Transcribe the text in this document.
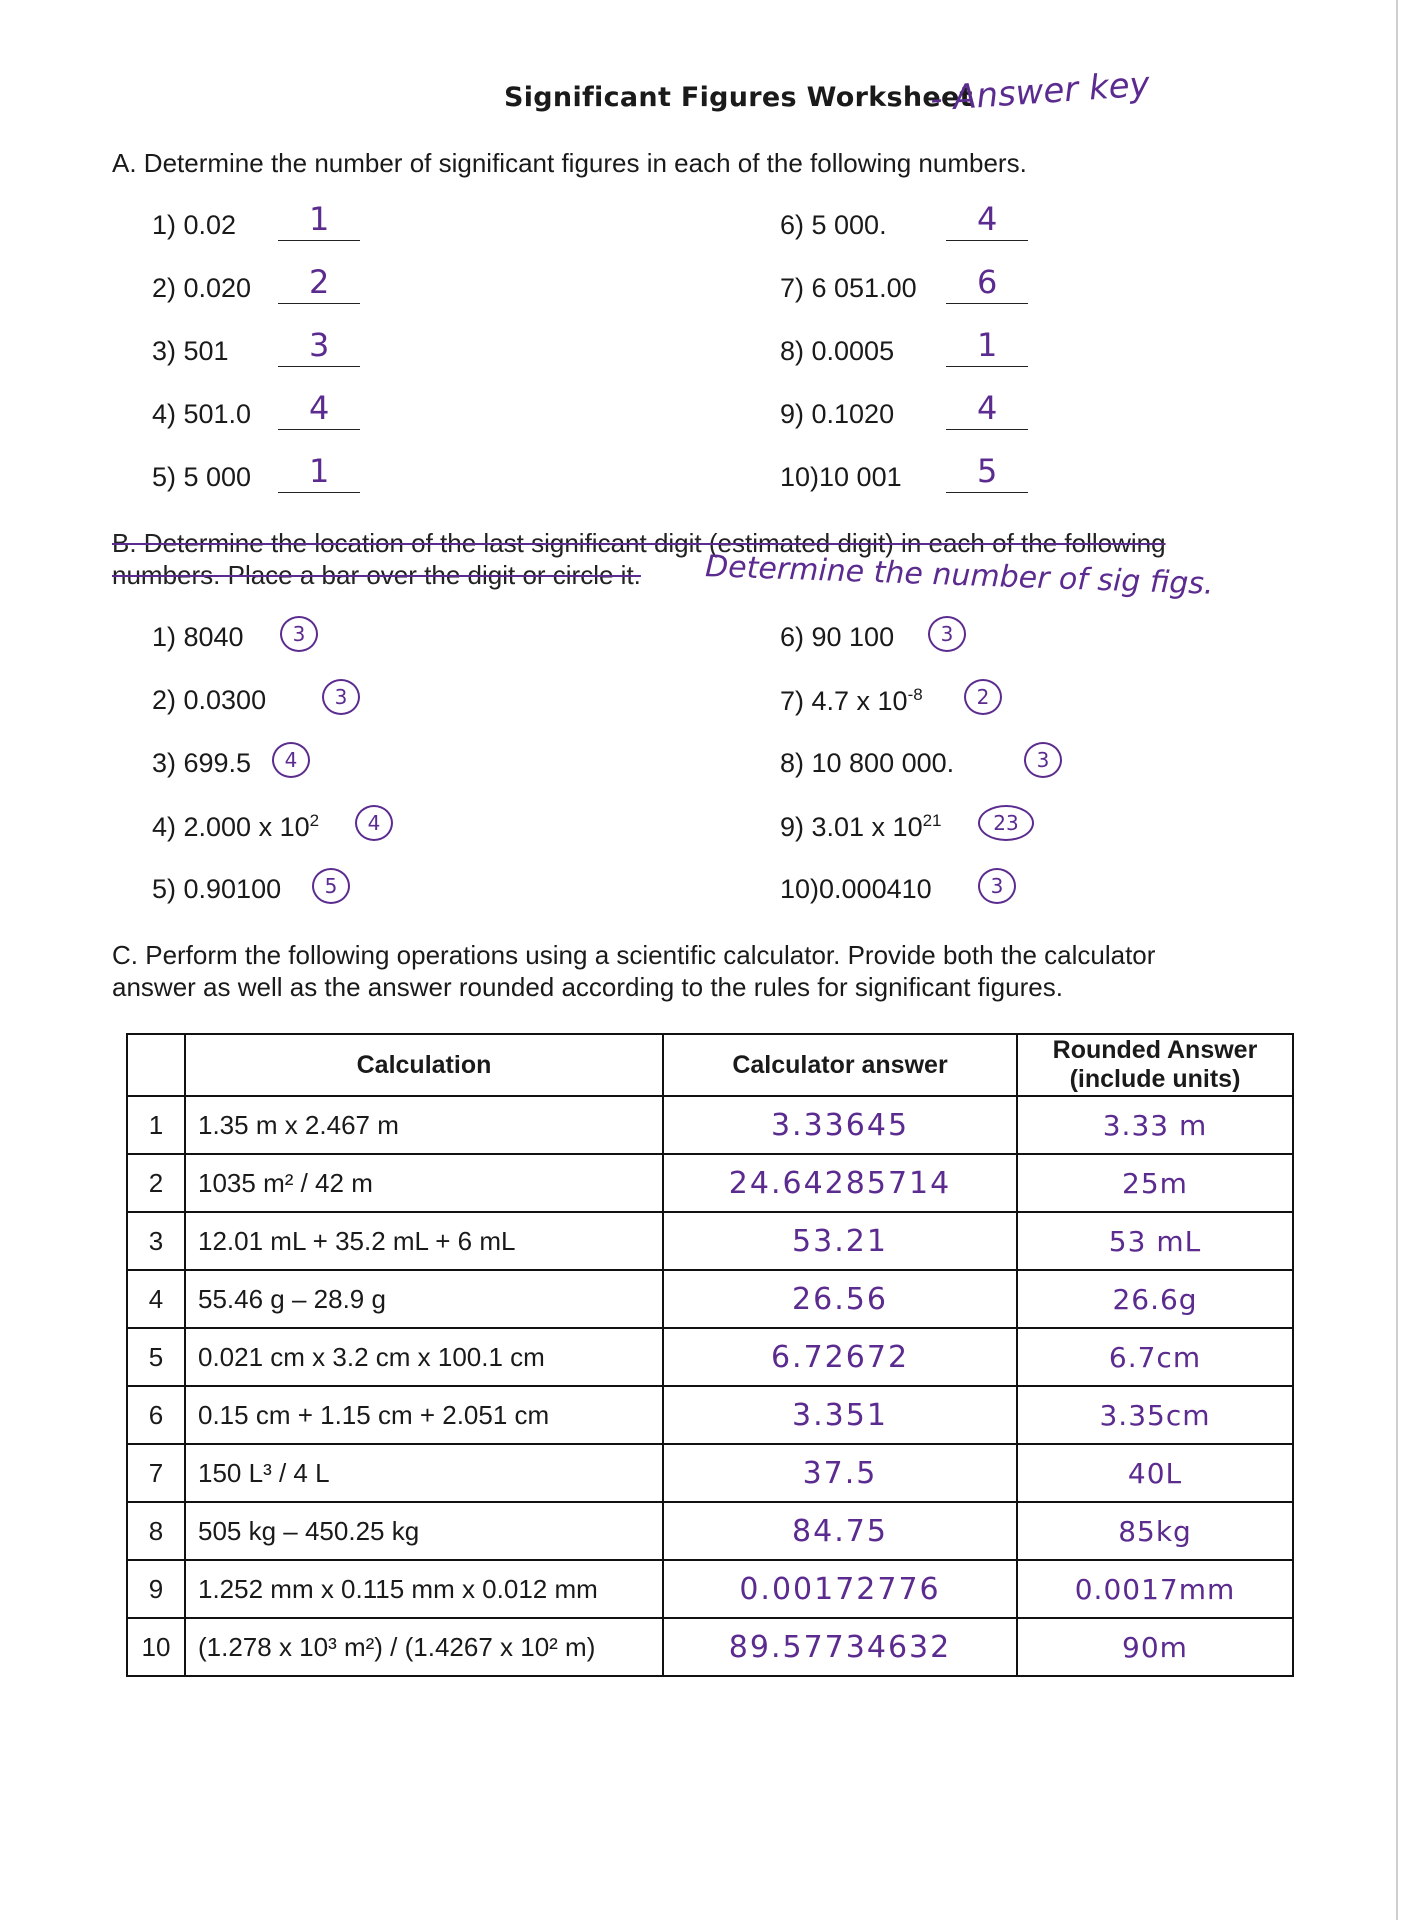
Significant Figures Worksheet
- Answer key
A. Determine the number of significant figures in each of the following numbers.
1) 0.02 1
2) 0.020 2
3) 501	3
4) 501.0 4
5) 5 000 1
6) 5 000.	4
7) 6 051.00 6
8) 0.0005	1
9) 0.1020	4
10)10 001 5
B. Determine the location of the last significant digit (estimated digit) in each of the following
numbers. Place a bar over the digit or circle it. Determine the number of sig figs.
1) 8040	3
2) 0.0300	3
3) 699.5	4
4) 2.000 x $10^2$	4
5) 0.90100	5
6) 90 100	3
7) 4.7 x $10^{-8}$	2
8) 10 800 000.	3
9) 3.01 x $10^{21}$	23
10)0.000410	3
C. Perform the following operations using a scientific calculator. Provide both the calculator
answer as well as the answer rounded according to the rules for significant figures.
	Calculation	Calculator answer	Rounded Answer
(include units)

1	1.35 m x 2.467 m	3.33645	3.33 m
2	1035 m² / 42 m	24.64285714	25m
3	12.01 mL + 35.2 mL + 6 mL	53.21	53 mL
4	55.46 g – 28.9 g	26.56	26.6g
5	0.021 cm x 3.2 cm x 100.1 cm	6.72672	6.7cm
6	0.15 cm + 1.15 cm + 2.051 cm	3.351	3.35cm
7	150 L³ / 4 L	37.5	40L
8	505 kg – 450.25 kg	84.75	85kg
9	1.252 mm x 0.115 mm x 0.012 mm	0.00172776	0.0017mm
10	(1.278 x 10³ m²) / (1.4267 x 10² m)	89.57734632	90m
